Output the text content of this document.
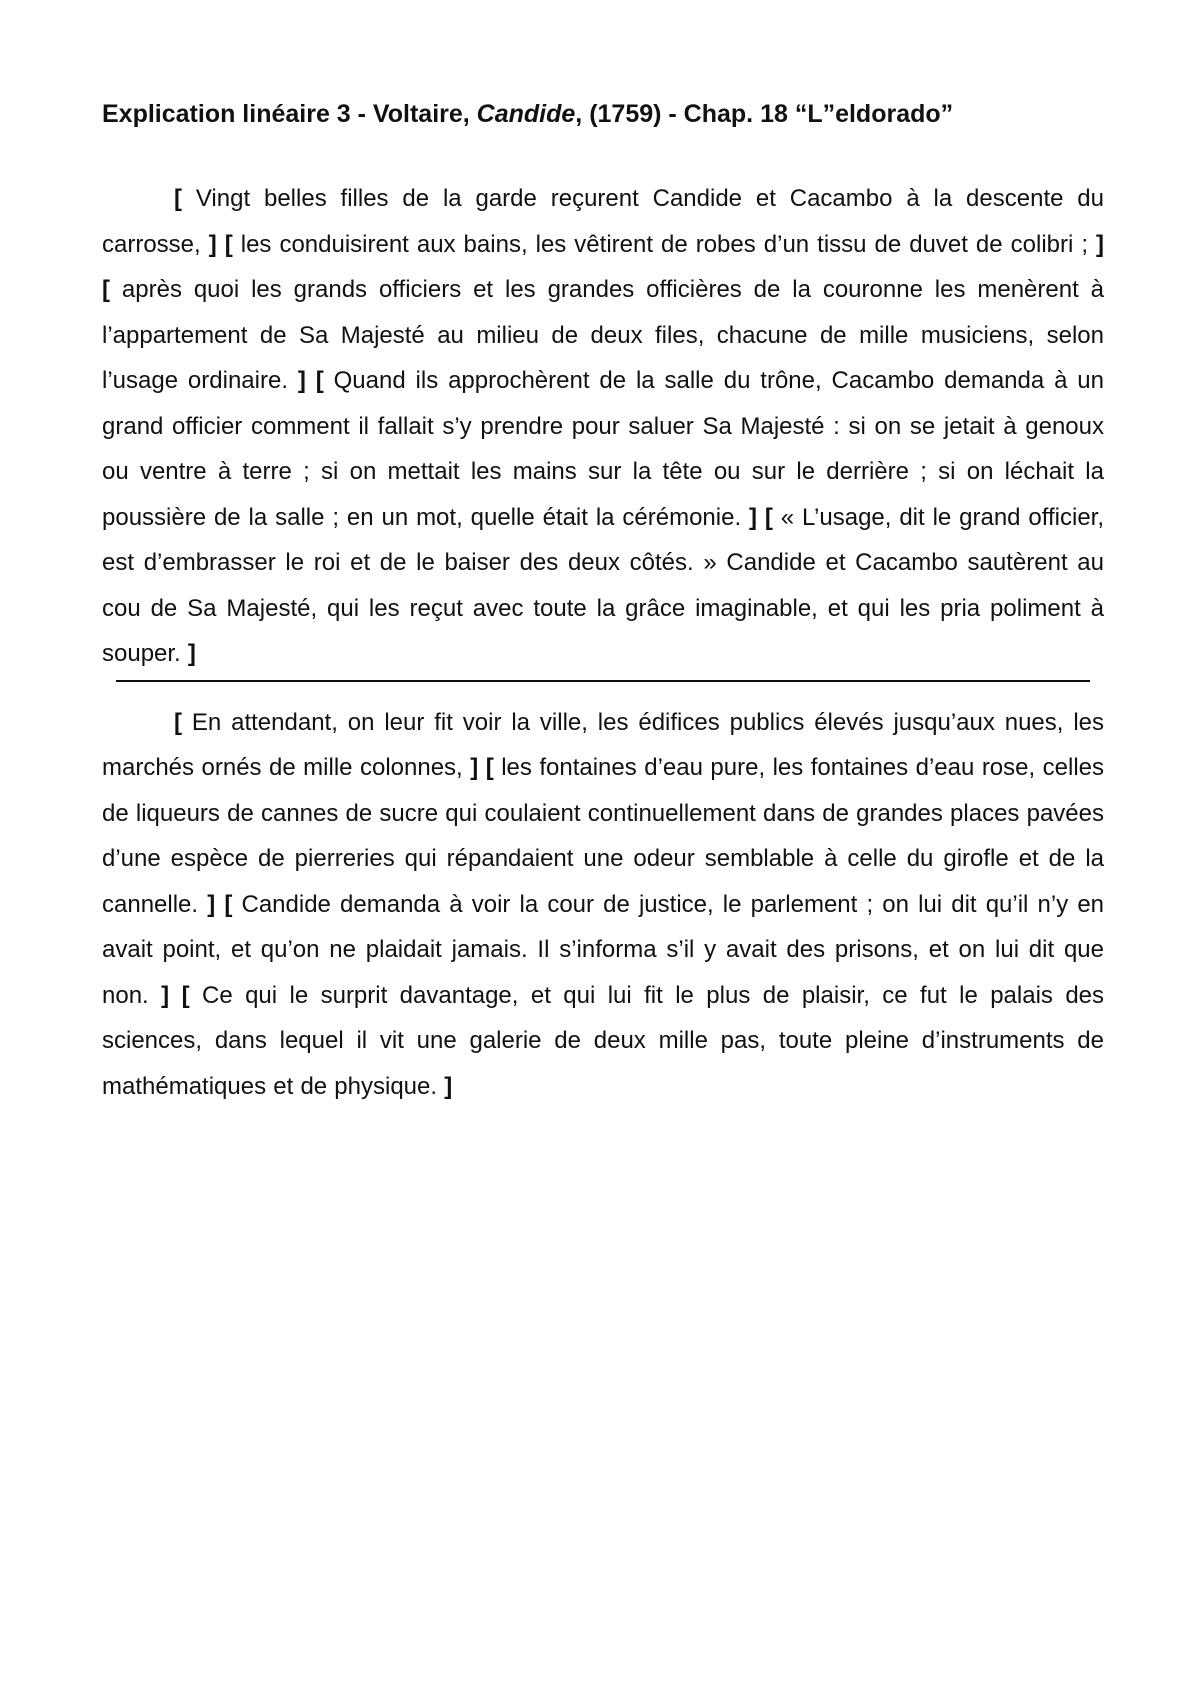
Explication linéaire 3 - Voltaire, Candide, (1759) - Chap. 18 “L”eldorado”

[ Vingt belles filles de la garde reçurent Candide et Cacambo à la descente du carrosse, ] [ les conduisirent aux bains, les vêtirent de robes d’un tissu de duvet de colibri ; ] [ après quoi les grands officiers et les grandes officières de la couronne les menèrent à l’appartement de Sa Majesté au milieu de deux files, chacune de mille musiciens, selon l’usage ordinaire. ] [ Quand ils approchèrent de la salle du trône, Cacambo demanda à un grand officier comment il fallait s’y prendre pour saluer Sa Majesté : si on se jetait à genoux ou ventre à terre ; si on mettait les mains sur la tête ou sur le derrière ; si on léchait la poussière de la salle ; en un mot, quelle était la cérémonie. ] [ « L’usage, dit le grand officier, est d’embrasser le roi et de le baiser des deux côtés. » Candide et Cacambo sautèrent au cou de Sa Majesté, qui les reçut avec toute la grâce imaginable, et qui les pria poliment à souper. ]

[ En attendant, on leur fit voir la ville, les édifices publics élevés jusqu’aux nues, les marchés ornés de mille colonnes, ] [ les fontaines d’eau pure, les fontaines d’eau rose, celles de liqueurs de cannes de sucre qui coulaient continuellement dans de grandes places pavées d’une espèce de pierreries qui répandaient une odeur semblable à celle du girofle et de la cannelle. ] [ Candide demanda à voir la cour de justice, le parlement ; on lui dit qu’il n’y en avait point, et qu’on ne plaidait jamais. Il s’informa s’il y avait des prisons, et on lui dit que non. ] [ Ce qui le surprit davantage, et qui lui fit le plus de plaisir, ce fut le palais des sciences, dans lequel il vit une galerie de deux mille pas, toute pleine d’instruments de mathématiques et de physique. ]
